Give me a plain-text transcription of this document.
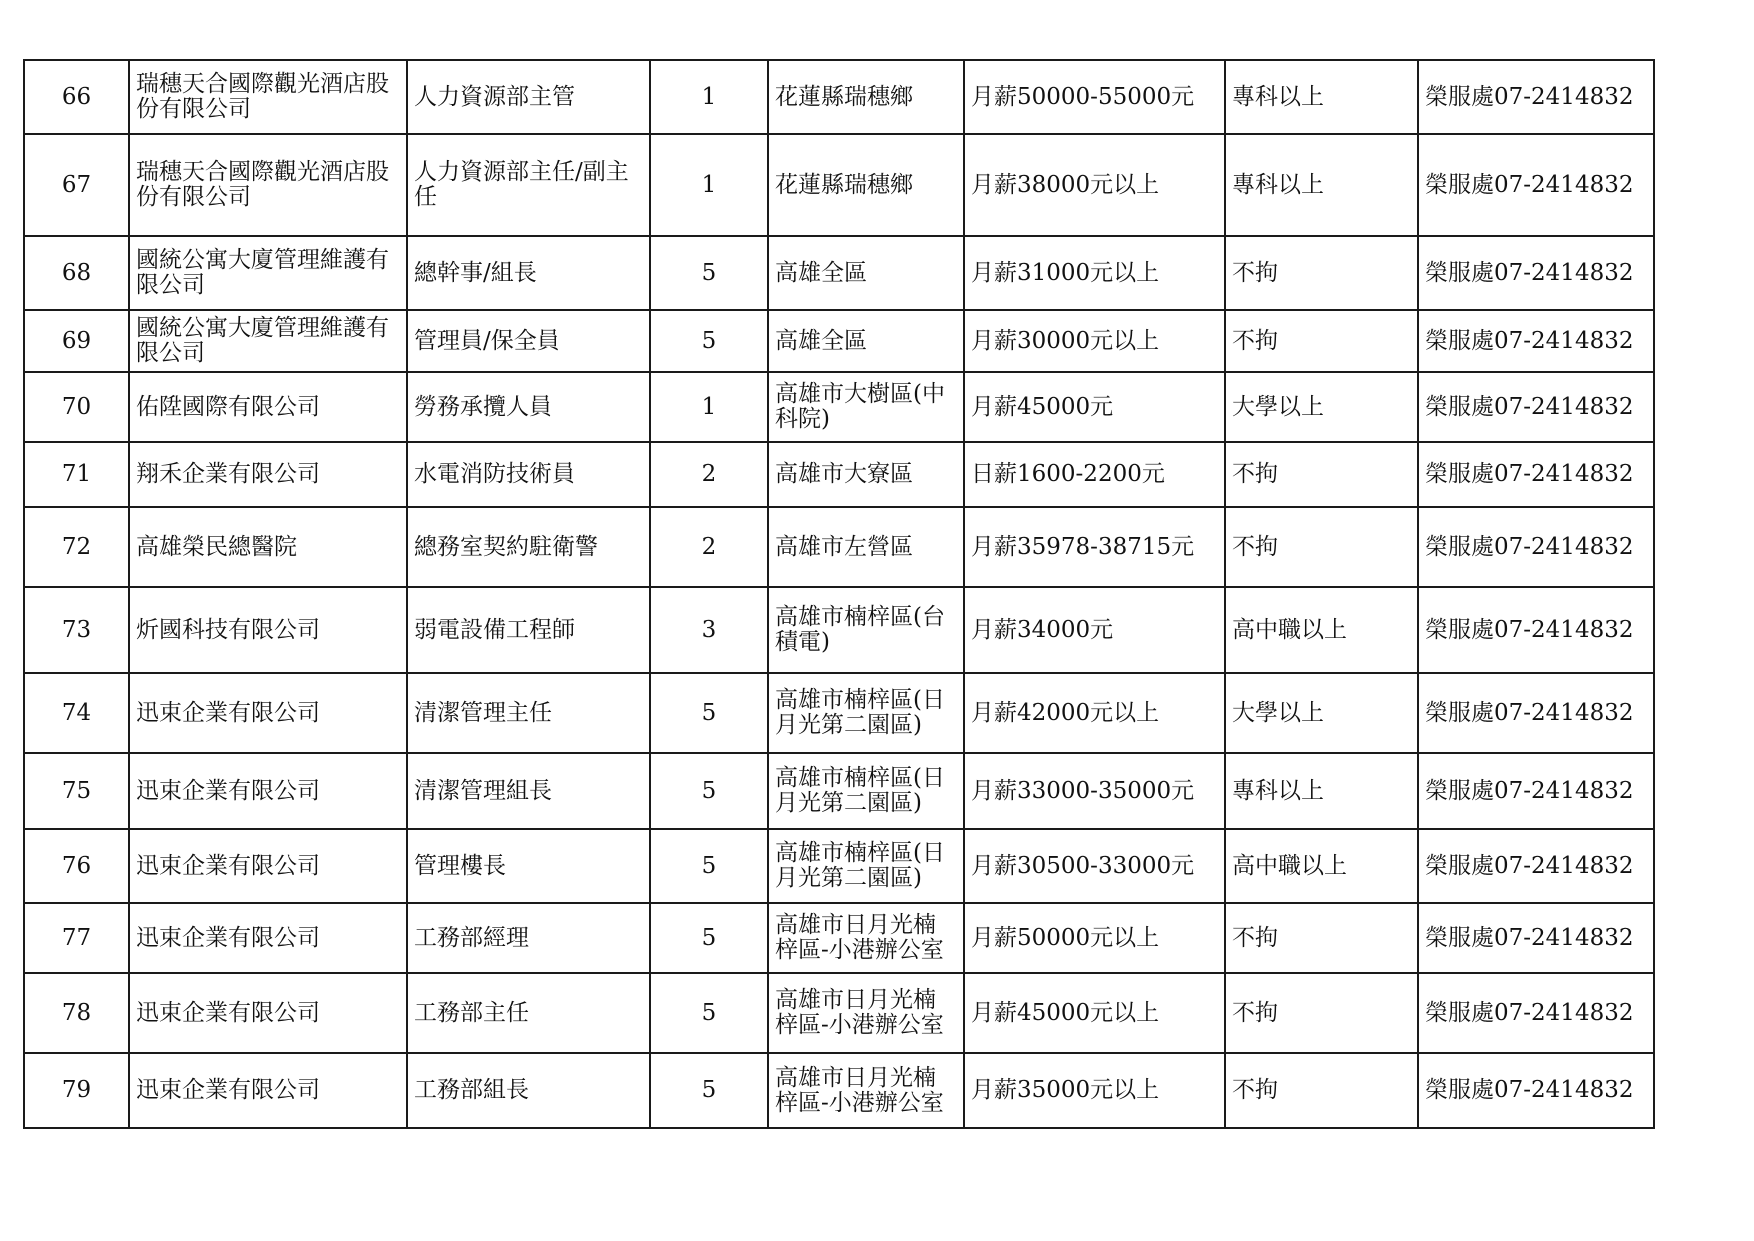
66	瑞穗天合國際觀光酒店股份有限公司	人力資源部主管	1	花蓮縣瑞穗鄉	月薪50000-55000元	專科以上	榮服處07-2414832
67	瑞穗天合國際觀光酒店股份有限公司	人力資源部主任/副主任	1	花蓮縣瑞穗鄉	月薪38000元以上	專科以上	榮服處07-2414832
68	國統公寓大廈管理維護有限公司	總幹事/組長	5	高雄全區	月薪31000元以上	不拘	榮服處07-2414832
69	國統公寓大廈管理維護有限公司	管理員/保全員	5	高雄全區	月薪30000元以上	不拘	榮服處07-2414832
70	佑陞國際有限公司	勞務承攬人員	1	高雄市大樹區(中科院)	月薪45000元	大學以上	榮服處07-2414832
71	翔禾企業有限公司	水電消防技術員	2	高雄市大寮區	日薪1600-2200元	不拘	榮服處07-2414832
72	高雄榮民總醫院	總務室契約駐衛警	2	高雄市左營區	月薪35978-38715元	不拘	榮服處07-2414832
73	炘國科技有限公司	弱電設備工程師	3	高雄市楠梓區(台積電)	月薪34000元	高中職以上	榮服處07-2414832
74	迅束企業有限公司	清潔管理主任	5	高雄市楠梓區(日月光第二園區)	月薪42000元以上	大學以上	榮服處07-2414832
75	迅束企業有限公司	清潔管理組長	5	高雄市楠梓區(日月光第二園區)	月薪33000-35000元	專科以上	榮服處07-2414832
76	迅束企業有限公司	管理樓長	5	高雄市楠梓區(日月光第二園區)	月薪30500-33000元	高中職以上	榮服處07-2414832
77	迅束企業有限公司	工務部經理	5	高雄市日月光楠梓區-小港辦公室	月薪50000元以上	不拘	榮服處07-2414832
78	迅束企業有限公司	工務部主任	5	高雄市日月光楠梓區-小港辦公室	月薪45000元以上	不拘	榮服處07-2414832
79	迅束企業有限公司	工務部組長	5	高雄市日月光楠梓區-小港辦公室	月薪35000元以上	不拘	榮服處07-2414832
